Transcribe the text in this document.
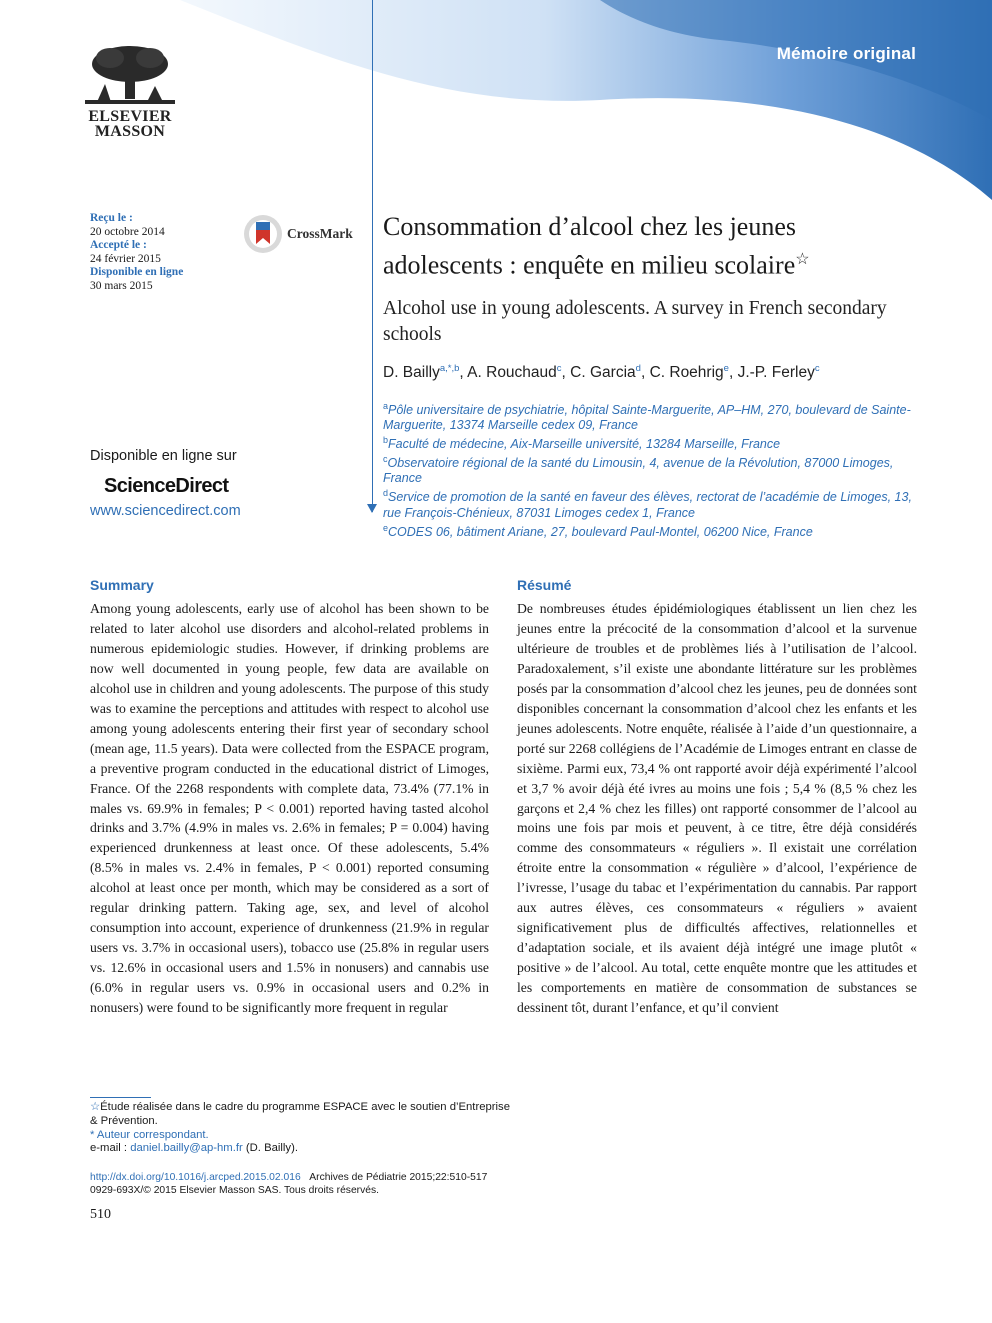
Mémoire original
ELSEVIER
MASSON
Reçu le :
20 octobre 2014
Accepté le :
24 février 2015
Disponible en ligne
30 mars 2015
CrossMark
Disponible en ligne sur
ScienceDirect
www.sciencedirect.com
Consommation d’alcool chez les jeunes adolescents : enquête en milieu scolaire☆
Alcohol use in young adolescents. A survey in French secondary schools
D. Bailly$^{a,*,b}$, A. Rouchaud$^c$, C. Garcia$^d$, C. Roehrig$^e$, J.-P. Ferley$^c$

$^a$Pôle universitaire de psychiatrie, hôpital Sainte-Marguerite, AP–HM, 270, boulevard de Sainte-Marguerite, 13374 Marseille cedex 09, France

$^b$Faculté de médecine, Aix-Marseille université, 13284 Marseille, France

$^c$Observatoire régional de la santé du Limousin, 4, avenue de la Révolution, 87000 Limoges, France

$^d$Service de promotion de la santé en faveur des élèves, rectorat de l’académie de Limoges, 13, rue François-Chénieux, 87031 Limoges cedex 1, France

$^e$CODES 06, bâtiment Ariane, 27, boulevard Paul-Montel, 06200 Nice, France

Summary
Among young adolescents, early use of alcohol has been shown to be related to later alcohol use disorders and alcohol-related problems in numerous epidemiologic studies. However, if drinking problems are now well documented in young people, few data are available on alcohol use in children and young adolescents. The purpose of this study was to examine the perceptions and attitudes with respect to alcohol use among young adolescents entering their first year of secondary school (mean age, 11.5 years). Data were collected from the ESPACE program, a preventive program conducted in the educational district of Limoges, France. Of the 2268 respondents with complete data, 73.4% (77.1% in males vs. 69.9% in females; P < 0.001) reported having tasted alcohol drinks and 3.7% (4.9% in males vs. 2.6% in females; P = 0.004) having experienced drunkenness at least once. Of these adolescents, 5.4% (8.5% in males vs. 2.4% in females, P < 0.001) reported consuming alcohol at least once per month, which may be considered as a sort of regular drinking pattern. Taking age, sex, and level of alcohol consumption into account, experience of drunkenness (21.9% in regular users vs. 3.7% in occasional users), tobacco use (25.8% in regular users vs. 12.6% in occasional users and 1.5% in nonusers) and cannabis use (6.0% in regular users vs. 0.9% in occasional users and 0.2% in nonusers) were found to be significantly more frequent in regular
Résumé
De nombreuses études épidémiologiques établissent un lien chez les jeunes entre la précocité de la consommation d’alcool et la survenue ultérieure de troubles et de problèmes liés à l’utilisation de l’alcool. Paradoxalement, s’il existe une abondante littérature sur les problèmes posés par la consommation d’alcool chez les jeunes, peu de données sont disponibles concernant la consommation d’alcool chez les enfants et les jeunes adolescents. Notre enquête, réalisée à l’aide d’un questionnaire, a porté sur 2268 collégiens de l’Académie de Limoges entrant en classe de sixième. Parmi eux, 73,4 % ont rapporté avoir déjà expérimenté l’alcool et 3,7 % avoir déjà été ivres au moins une fois ; 5,4 % (8,5 % chez les garçons et 2,4 % chez les filles) ont rapporté consommer de l’alcool au moins une fois par mois et peuvent, à ce titre, être déjà considérés comme des consommateurs « réguliers ». Il existait une corrélation étroite entre la consommation « régulière » d’alcool, l’expérience de l’ivresse, l’usage du tabac et l’expérimentation du cannabis. Par rapport aux autres élèves, ces consommateurs « réguliers » avaient significativement plus de difficultés affectives, relationnelles et d’adaptation sociale, et ils avaient déjà intégré une image plutôt « positive » de l’alcool. Au total, cette enquête montre que les attitudes et les comportements en matière de consommation de substances se dessinent tôt, durant l’enfance, et qu’il convient
☆Étude réalisée dans le cadre du programme ESPACE avec le soutien d’Entreprise & Prévention.
* Auteur correspondant.
e-mail : daniel.bailly@ap-hm.fr (D. Bailly).
http://dx.doi.org/10.1016/j.arcped.2015.02.016 Archives de Pédiatrie 2015;22:510-517
0929-693X/© 2015 Elsevier Masson SAS. Tous droits réservés.
510
